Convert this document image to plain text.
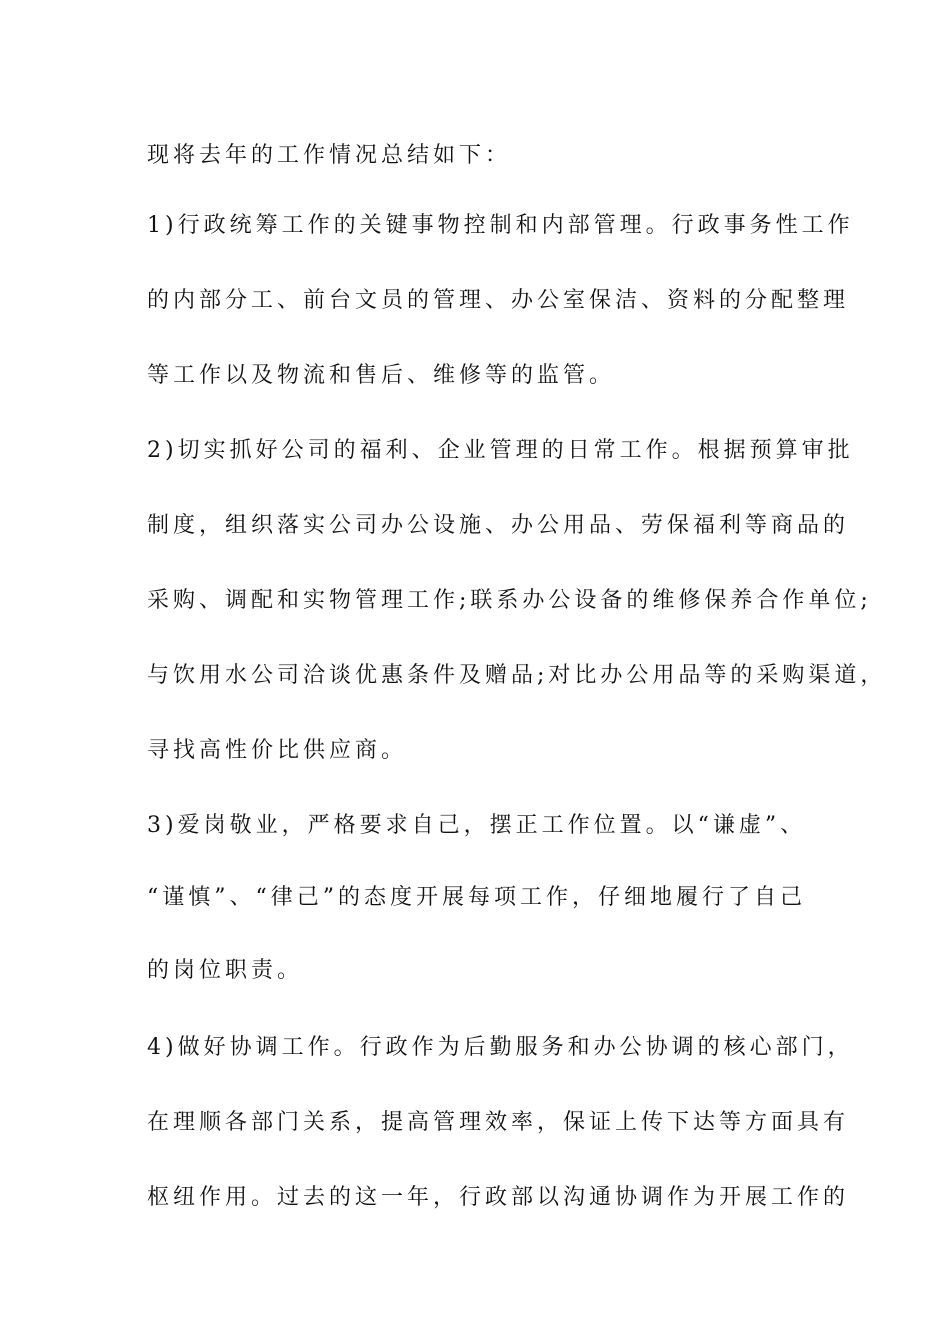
现将去年的工作情况总结如下：
1)行政统筹工作的关键事物控制和内部管理。行政事务性工作
的内部分工、前台文员的管理、办公室保洁、资料的分配整理
等工作以及物流和售后、维修等的监管。
2)切实抓好公司的福利、企业管理的日常工作。根据预算审批
制度，组织落实公司办公设施、办公用品、劳保福利等商品的
采购、调配和实物管理工作;联系办公设备的维修保养合作单位;
与饮用水公司洽谈优惠条件及赠品;对比办公用品等的采购渠道，
寻找高性价比供应商。
3)爱岗敬业，严格要求自己，摆正工作位置。以“谦虚”、
“谨慎”、“律己”的态度开展每项工作，仔细地履行了自己
的岗位职责。
4)做好协调工作。行政作为后勤服务和办公协调的核心部门，
在理顺各部门关系，提高管理效率，保证上传下达等方面具有
枢纽作用。过去的这一年，行政部以沟通协调作为开展工作的
